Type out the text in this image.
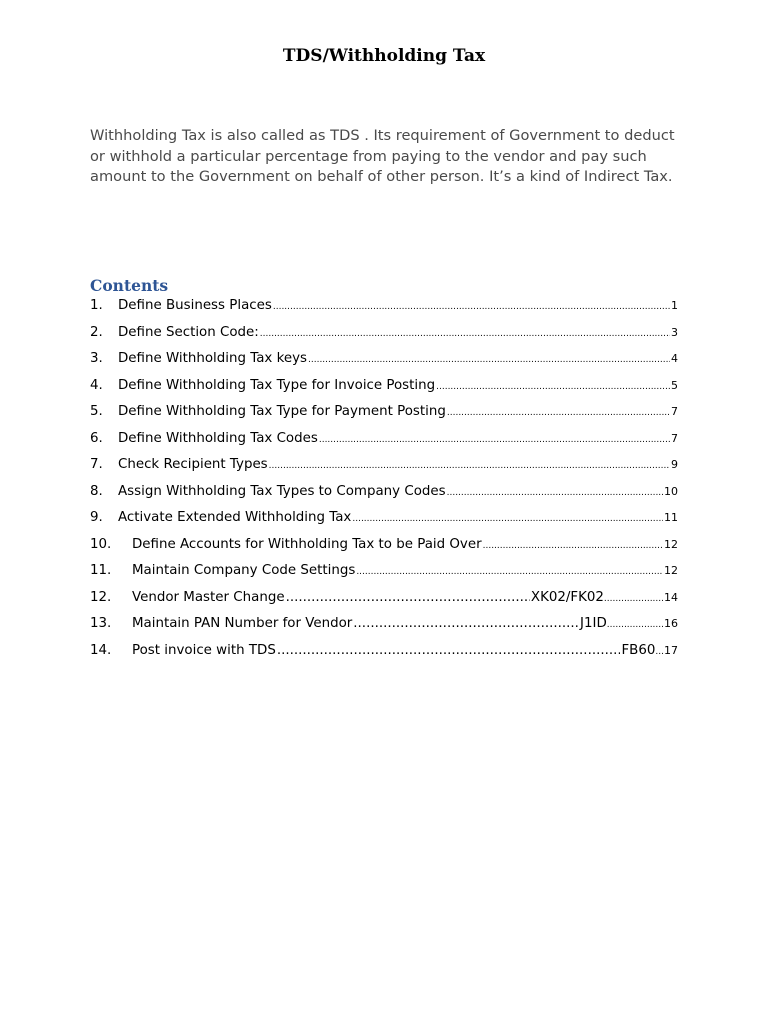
TDS/Withholding Tax

Withholding Tax is also called as TDS . Its requirement of Government to deduct or withhold a particular percentage from paying to the vendor and pay such amount to the Government on behalf of other person. It’s a kind of Indirect Tax.

Contents
1.	Define Business Places .....	1
2.	Define Section Code: .....	3
3.	Define Withholding Tax keys .....	4
4.	Define Withholding Tax Type for Invoice Posting .....	5
5.	Define Withholding Tax Type for Payment Posting .....	7
6.	Define Withholding Tax Codes .....	7
7.	Check Recipient Types .....	9
8.	Assign Withholding Tax Types to Company Codes .....	10
9.	Activate Extended Withholding Tax .....	11
10.	Define Accounts for Withholding Tax to be Paid Over .....	12
11.	Maintain Company Code Settings .....	12
12.	Vendor Master Change .....	XK02/FK02 ..................... 14
13.	Maintain PAN Number for Vendor .....	J1ID .................... 16
14.	Post invoice with TDS .....	FB60 ... 17
